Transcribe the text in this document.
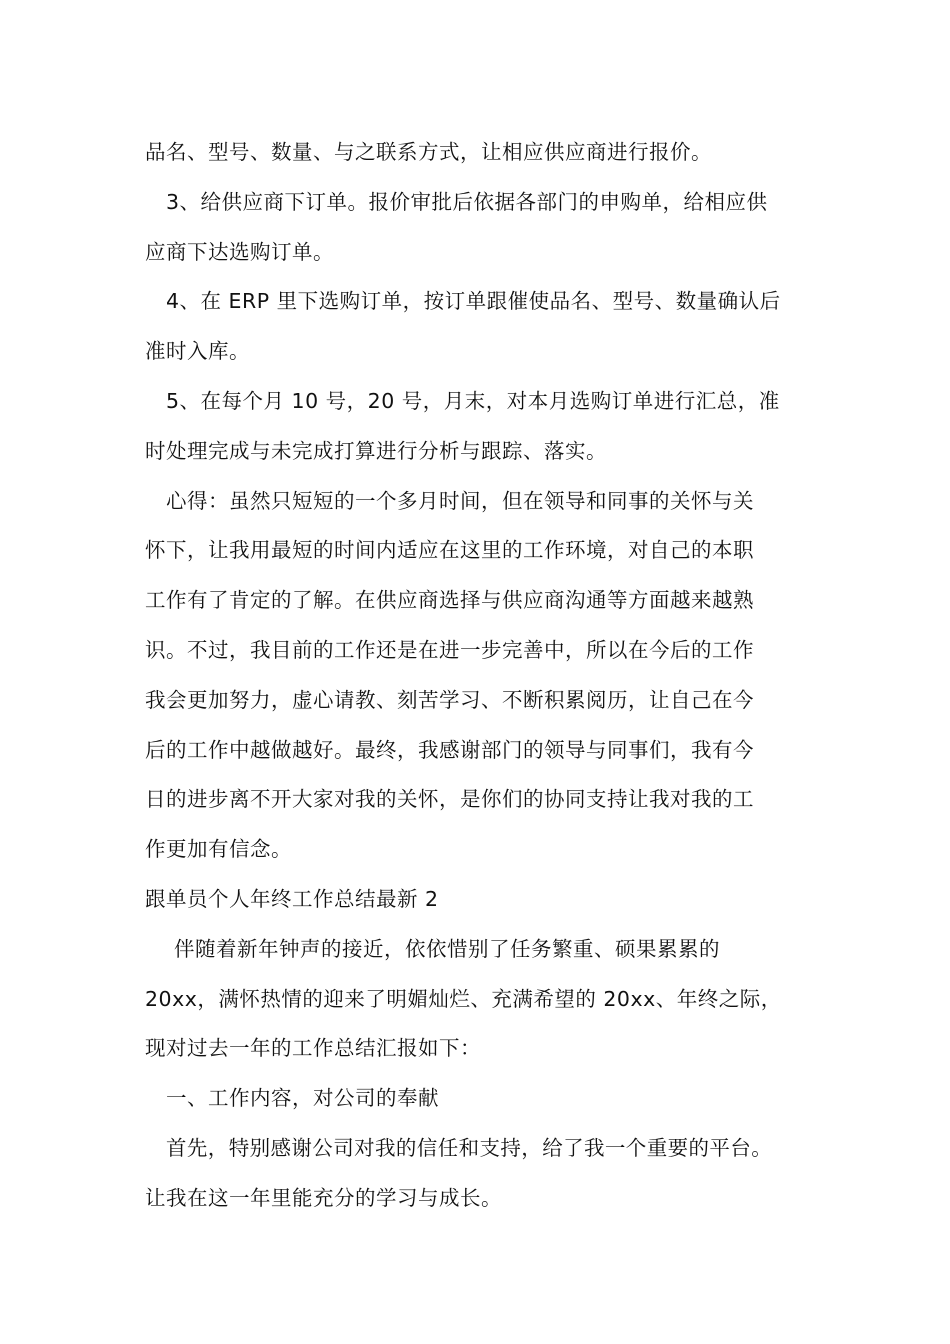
品名、型号、数量、与之联系方式，让相应供应商进行报价。
3、给供应商下订单。报价审批后依据各部门的申购单，给相应供
应商下达选购订单。
4、在 ERP 里下选购订单，按订单跟催使品名、型号、数量确认后
准时入库。
5、在每个月 10 号，20 号，月末，对本月选购订单进行汇总，准
时处理完成与未完成打算进行分析与跟踪、落实。
心得：虽然只短短的一个多月时间，但在领导和同事的关怀与关
怀下，让我用最短的时间内适应在这里的工作环境，对自己的本职
工作有了肯定的了解。在供应商选择与供应商沟通等方面越来越熟
识。不过，我目前的工作还是在进一步完善中，所以在今后的工作
我会更加努力，虚心请教、刻苦学习、不断积累阅历，让自己在今
后的工作中越做越好。最终，我感谢部门的领导与同事们，我有今
日的进步离不开大家对我的关怀，是你们的协同支持让我对我的工
作更加有信念。
跟单员个人年终工作总结最新 2
伴随着新年钟声的接近，依依惜别了任务繁重、硕果累累的
20xx，满怀热情的迎来了明媚灿烂、充满希望的 20xx、年终之际，
现对过去一年的工作总结汇报如下：
一、工作内容，对公司的奉献
首先，特别感谢公司对我的信任和支持，给了我一个重要的平台。
让我在这一年里能充分的学习与成长。
